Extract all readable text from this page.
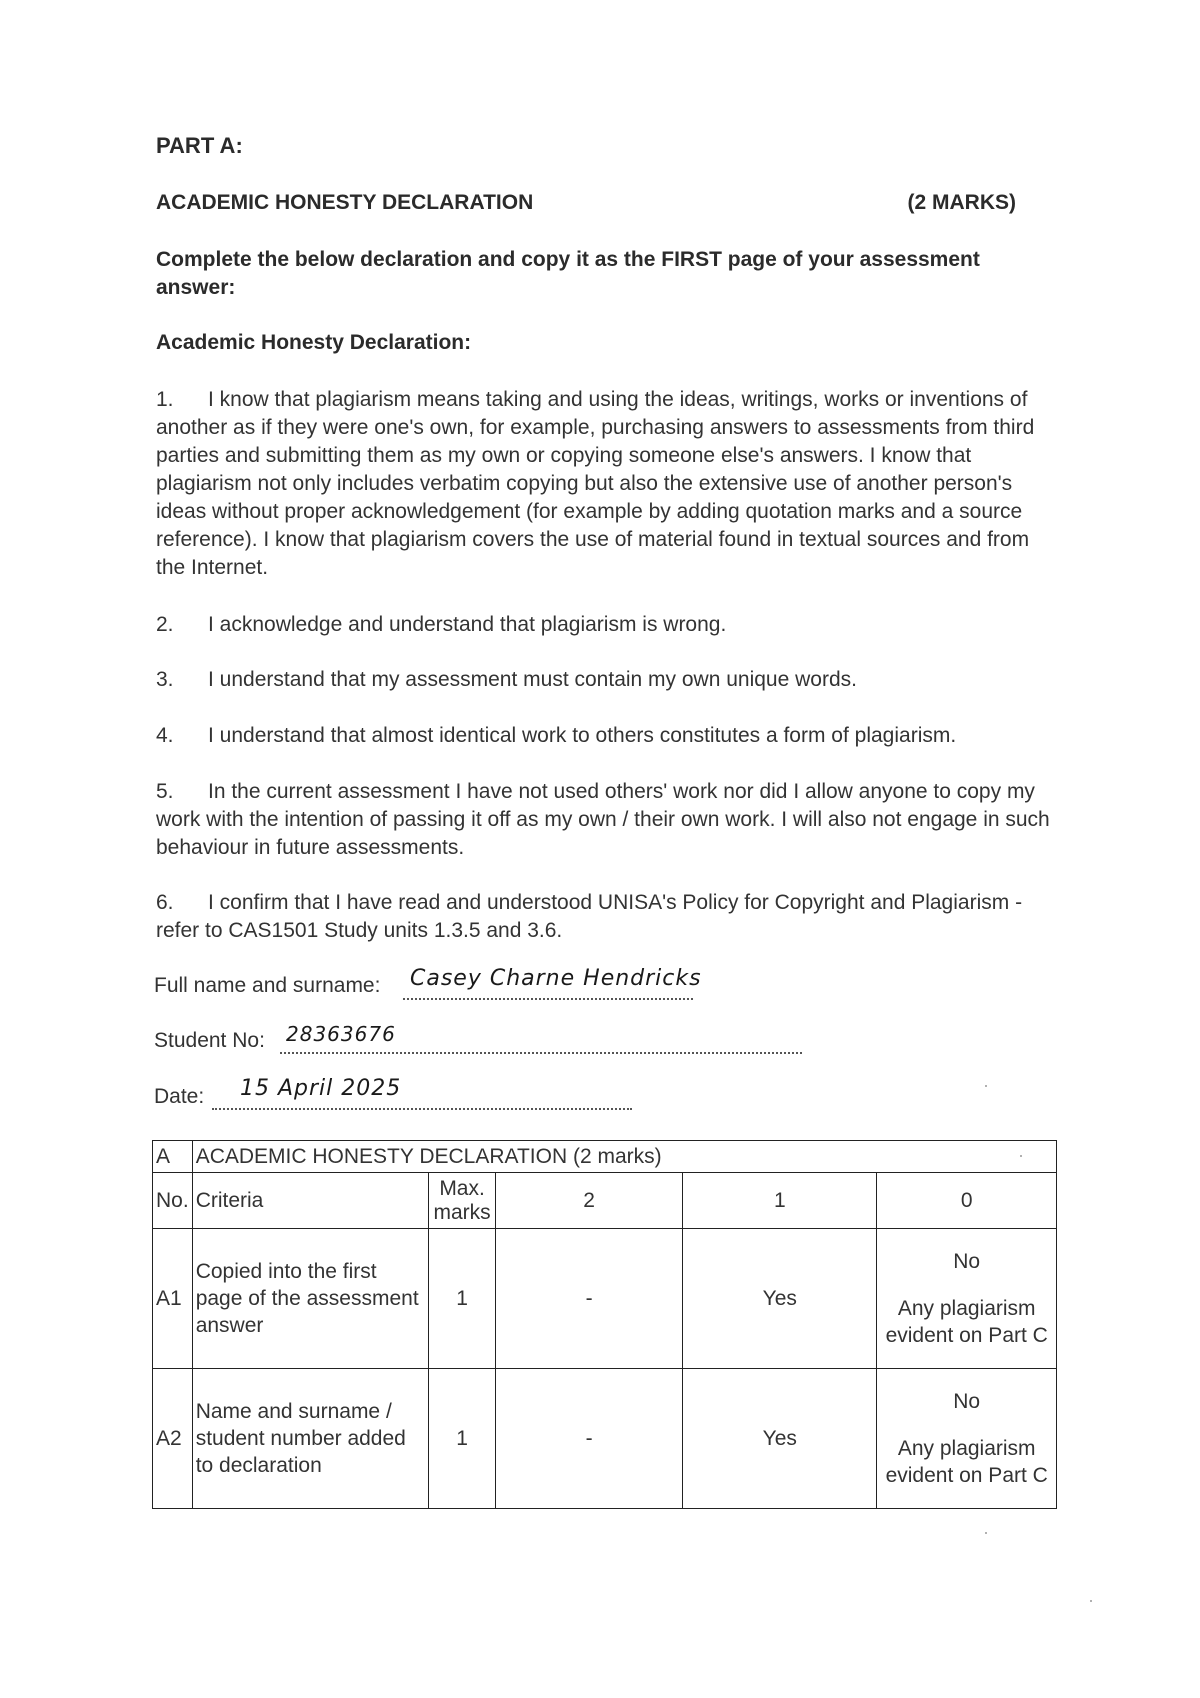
PART A:
ACADEMIC HONESTY DECLARATION	(2 MARKS)
Complete the below declaration and copy it as the FIRST page of your assessment answer:
Academic Honesty Declaration:
1. I know that plagiarism means taking and using the ideas, writings, works or inventions of another as if they were one's own, for example, purchasing answers to assessments from third parties and submitting them as my own or copying someone else's answers. I know that plagiarism not only includes verbatim copying but also the extensive use of another person's ideas without proper acknowledgement (for example by adding quotation marks and a source reference). I know that plagiarism covers the use of material found in textual sources and from the Internet.
2. I acknowledge and understand that plagiarism is wrong.
3. I understand that my assessment must contain my own unique words.
4. I understand that almost identical work to others constitutes a form of plagiarism.
5. In the current assessment I have not used others' work nor did I allow anyone to copy my work with the intention of passing it off as my own / their own work. I will also not engage in such behaviour in future assessments.
6. I confirm that I have read and understood UNISA's Policy for Copyright and Plagiarism - refer to CAS1501 Study units 1.3.5 and 3.6.
Full name and surname: Casey Charne Hendricks
Student No: 28363676
Date: 15 April 2025
A	ACADEMIC HONESTY DECLARATION (2 marks)				
No.	Criteria	Max. marks	2	1	0
A1	Copied into the first page of the assessment answer	1	-	Yes	No
Any plagiarism evident on Part C

A2	Name and surname / student number added to declaration	1	-	Yes	No
Any plagiarism evident on Part C
